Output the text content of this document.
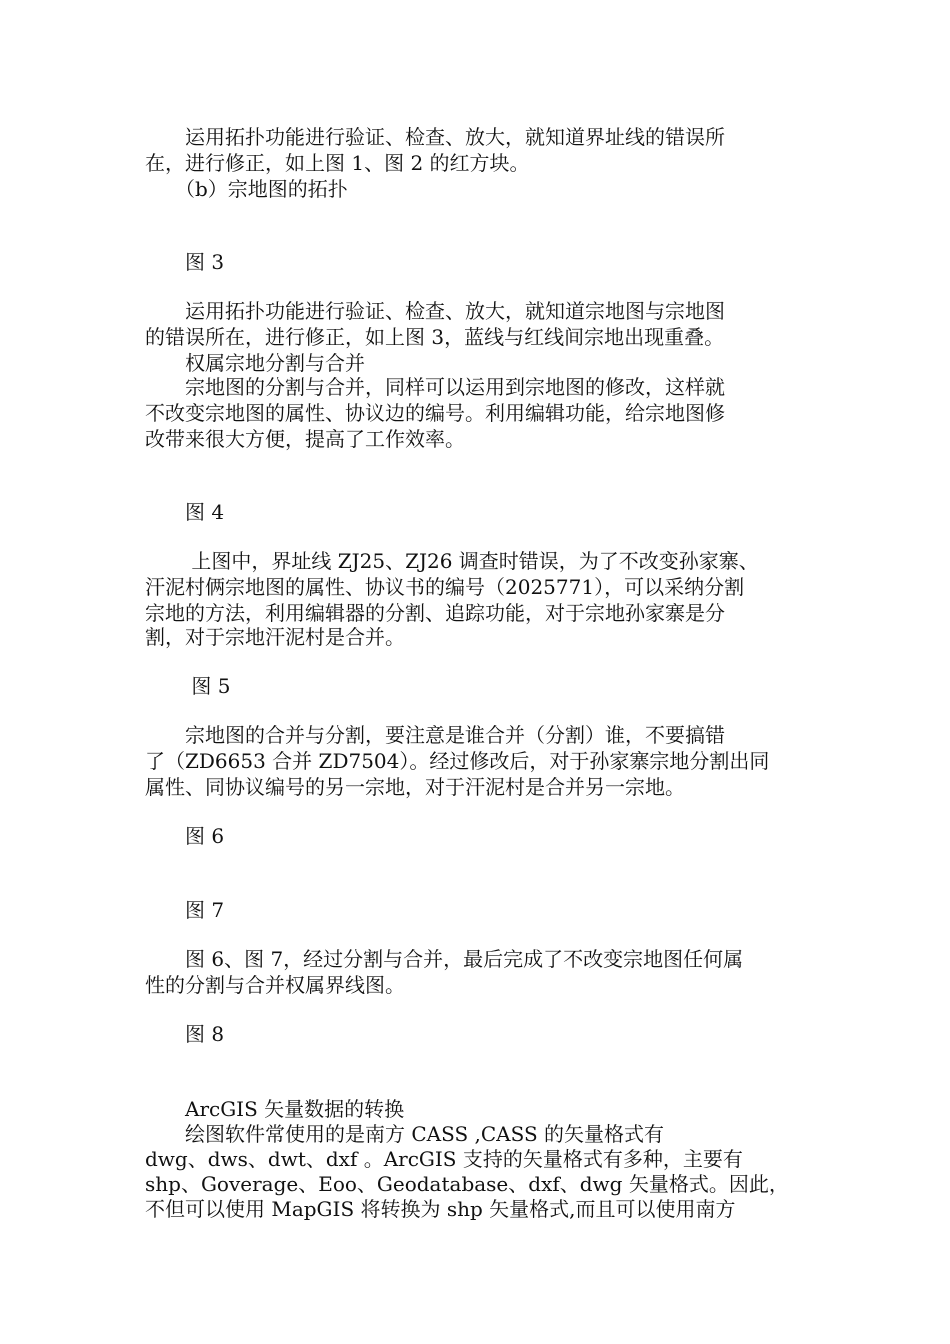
　　运用拓扑功能进行验证、检查、放大，就知道界址线的错误所
在，进行修正，如上图 1、图 2 的红方块。
　　（b）宗地图的拓扑
　　图 3
　　运用拓扑功能进行验证、检查、放大，就知道宗地图与宗地图
的错误所在，进行修正，如上图 3，蓝线与红线间宗地出现重叠。
　　权属宗地分割与合并
　　宗地图的分割与合并，同样可以运用到宗地图的修改，这样就
不改变宗地图的属性、协议边的编号。利用编辑功能，给宗地图修
改带来很大方便，提高了工作效率。
　　图 4
　　 上图中，界址线 ZJ25、ZJ26 调查时错误，为了不改变孙家寨、
汗泥村俩宗地图的属性、协议书的编号（2025771），可以采纳分割
宗地的方法，利用编辑器的分割、追踪功能，对于宗地孙家寨是分
割，对于宗地汗泥村是合并。
　　 图 5
　　宗地图的合并与分割，要注意是谁合并（分割）谁，不要搞错
了（ZD6653 合并 ZD7504）。经过修改后，对于孙家寨宗地分割出同
属性、同协议编号的另一宗地，对于汗泥村是合并另一宗地。
　　图 6
　　图 7
　　图 6、图 7，经过分割与合并，最后完成了不改变宗地图任何属
性的分割与合并权属界线图。
　　图 8
　　ArcGIS 矢量数据的转换
　　绘图软件常使用的是南方 CASS ,CASS 的矢量格式有
dwg、dws、dwt、dxf 。ArcGIS 支持的矢量格式有多种，主要有
shp、Goverage、Eoo、Geodatabase、dxf、dwg 矢量格式。因此，
不但可以使用 MapGIS 将转换为 shp 矢量格式,而且可以使用南方
